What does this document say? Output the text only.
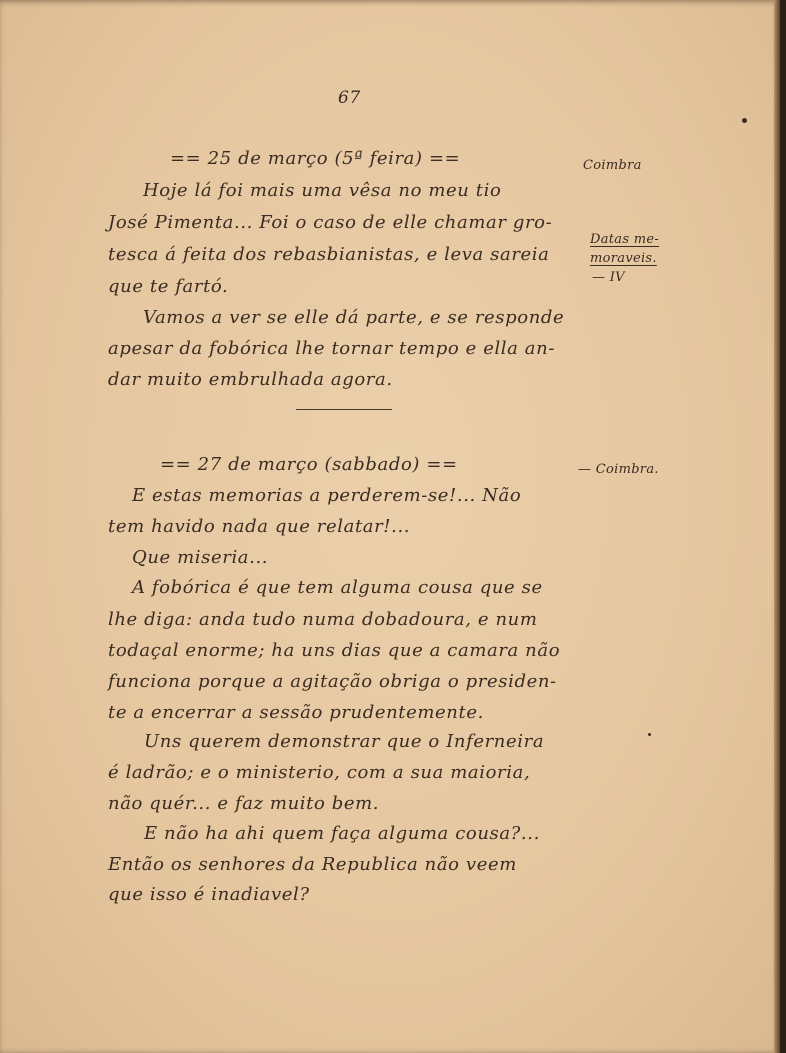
67
== 25 de março (5ª feira) ==	Coimbra
Hoje lá foi mais uma vêsa no meu tio
José Pimenta... Foi o caso de elle chamar gro-
tesca á feita dos rebasbianistas, e leva sareia
que te fartó.
Vamos a ver se elle dá parte, e se responde
apesar da fobórica lhe tornar tempo e ella an-
dar muito embrulhada agora.
Datas me-
moraveis.
— IV
== 27 de março (sabbado) ==	— Coimbra.
E estas memorias a perderem-se!... Não
tem havido nada que relatar!...
Que miseria...
A fobórica é que tem alguma cousa que se
lhe diga: anda tudo numa dobadoura, e num
todaçal enorme; ha uns dias que a camara não
funciona porque a agitação obriga o presiden-
te a encerrar a sessão prudentemente.
Uns querem demonstrar que o Inferneira
é ladrão; e o ministerio, com a sua maioria,
não quér... e faz muito bem.
E não ha ahi quem faça alguma cousa?...
Então os senhores da Republica não veem
que isso é inadiavel?
